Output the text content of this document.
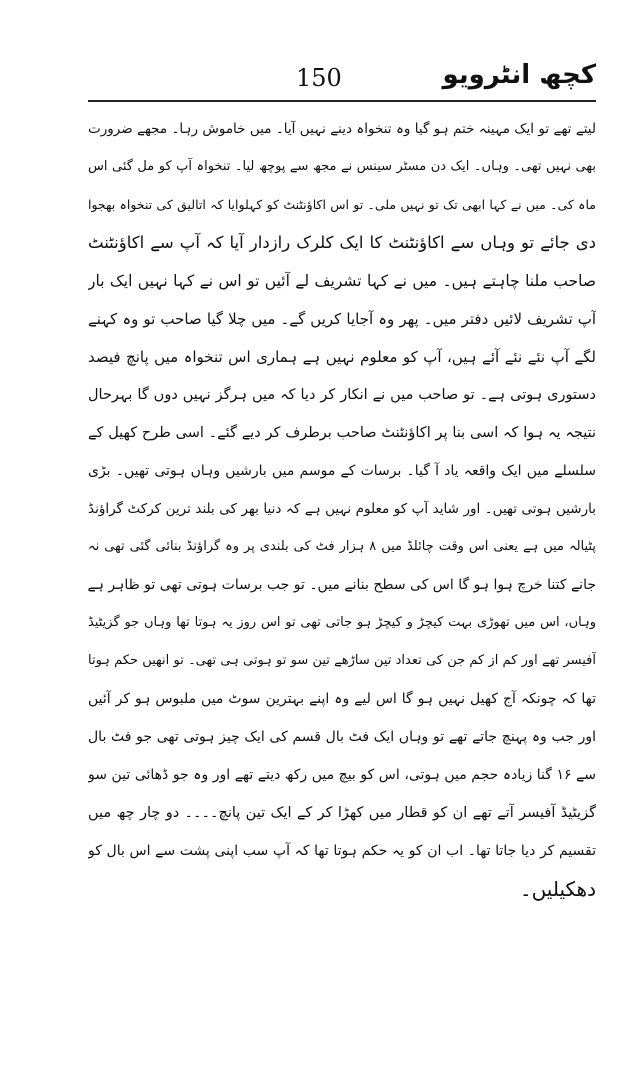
کچھ انٹرویو
150
لیتے تھے تو ایک مہینہ ختم ہو گیا وہ تنخواہ دینے نہیں آیا۔ میں خاموش رہا۔ مجھے ضرورت
بھی نہیں تھی۔ وہاں۔ ایک دن مسٹر سینس نے مجھ سے پوچھ لیا۔ تنخواہ آپ کو مل گئی اس
ماہ کی۔ میں نے کہا ابھی تک تو نہیں ملی۔ تو اس اکاؤنٹنٹ کو کہلوایا کہ اتالیق کی تنخواہ بھجوا
دی جائے تو وہاں سے اکاؤنٹنٹ کا ایک کلرک رازدار آیا کہ آپ سے اکاؤنٹنٹ
صاحب ملنا چاہتے ہیں۔ میں نے کہا تشریف لے آئیں تو اس نے کہا نہیں ایک بار
آپ تشریف لائیں دفتر میں۔ پھر وہ آجایا کریں گے۔ میں چلا گیا صاحب تو وہ کہنے
لگے آپ نئے نئے آئے ہیں، آپ کو معلوم نہیں ہے ہماری اس تنخواہ میں پانچ فیصد
دستوری ہوتی ہے۔ تو صاحب میں نے انکار کر دیا کہ میں ہرگز نہیں دوں گا بہرحال
نتیجہ یہ ہوا کہ اسی بنا پر اکاؤنٹنٹ صاحب برطرف کر دیے گئے۔ اسی طرح کھیل کے
سلسلے میں ایک واقعہ یاد آ گیا۔ برسات کے موسم میں بارشیں وہاں ہوتی تھیں۔ بڑی
بارشیں ہوتی تھیں۔ اور شاید آپ کو معلوم نہیں ہے کہ دنیا بھر کی بلند ترین کرکٹ گراؤنڈ
پٹیالہ میں ہے یعنی اس وقت چائلڈ میں ۸ ہزار فٹ کی بلندی پر وہ گراؤنڈ بنائی گئی تھی نہ
جانے کتنا خرچ ہوا ہو گا اس کی سطح بنانے میں۔ تو جب برسات ہوتی تھی تو ظاہر ہے
وہاں، اس میں تھوڑی بہت کیچڑ و کیچڑ ہو جاتی تھی تو اس روز یہ ہوتا تھا وہاں جو گزیٹیڈ
آفیسر تھے اور کم از کم جن کی تعداد تین ساڑھے تین سو تو ہوتی ہی تھی۔ تو انھیں حکم ہوتا
تھا کہ چونکہ آج کھیل نہیں ہو گا اس لیے وہ اپنے بہترین سوٹ میں ملبوس ہو کر آئیں
اور جب وہ پہنچ جاتے تھے تو وہاں ایک فٹ بال قسم کی ایک چیز ہوتی تھی جو فٹ بال
سے ۱۶ گنا زیادہ حجم میں ہوتی، اس کو بیچ میں رکھ دیتے تھے اور وہ جو ڈھائی تین سو
گزیٹیڈ آفیسر آتے تھے ان کو قطار میں کھڑا کر کے ایک تین پانچ۔۔۔۔ دو چار چھ میں
تقسیم کر دیا جاتا تھا۔ اب ان کو یہ حکم ہوتا تھا کہ آپ سب اپنی پشت سے اس بال کو
دھکیلیں۔
